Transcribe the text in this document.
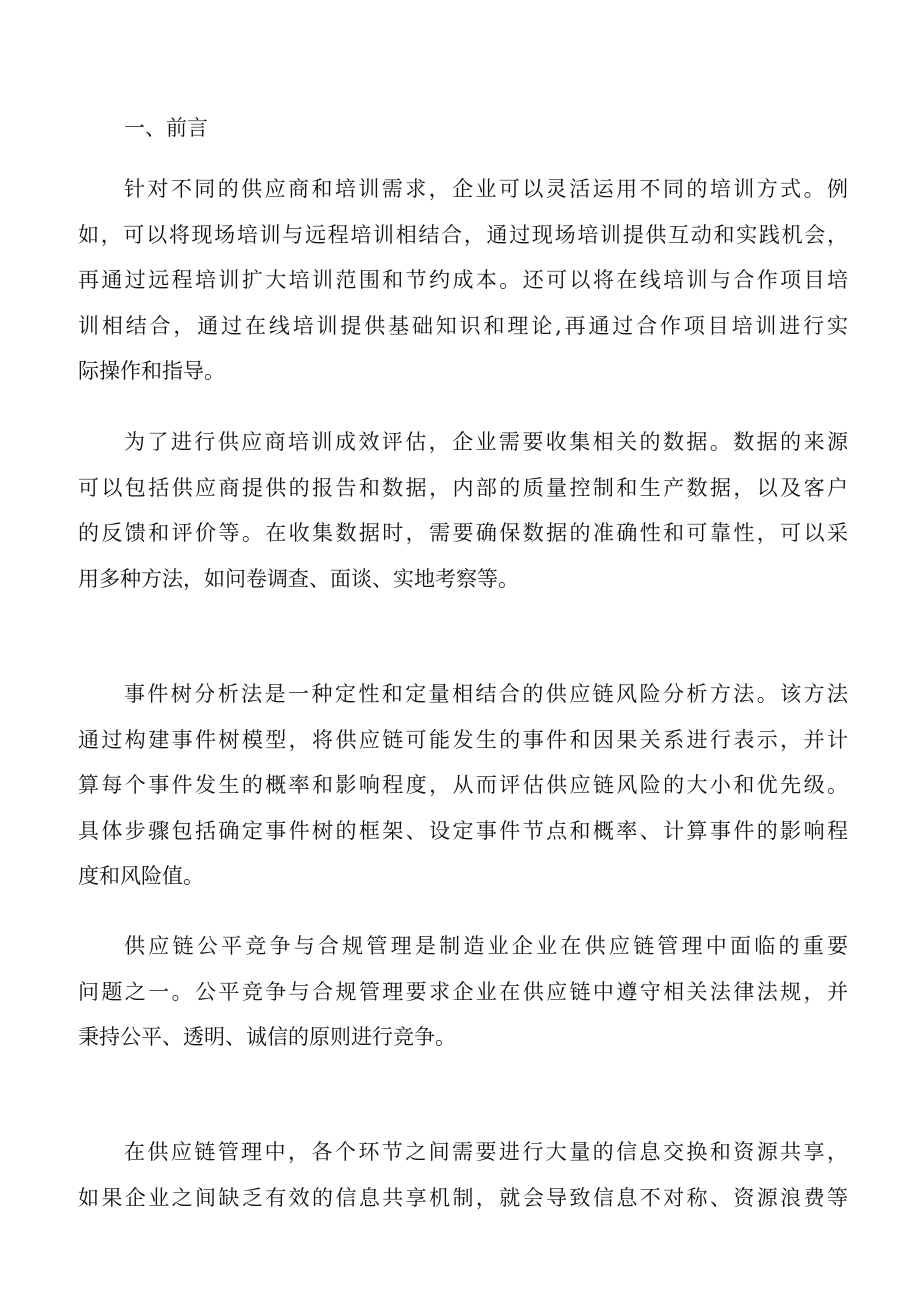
一、前言

针对不同的供应商和培训需求，企业可以灵活运用不同的培训方式。例
如，可以将现场培训与远程培训相结合，通过现场培训提供互动和实践机会，
再通过远程培训扩大培训范围和节约成本。还可以将在线培训与合作项目培
训相结合，通过在线培训提供基础知识和理论,再通过合作项目培训进行实
际操作和指导。

为了进行供应商培训成效评估，企业需要收集相关的数据。数据的来源
可以包括供应商提供的报告和数据，内部的质量控制和生产数据，以及客户
的反馈和评价等。在收集数据时，需要确保数据的准确性和可靠性，可以采
用多种方法，如问卷调查、面谈、实地考察等。

事件树分析法是一种定性和定量相结合的供应链风险分析方法。该方法
通过构建事件树模型，将供应链可能发生的事件和因果关系进行表示，并计
算每个事件发生的概率和影响程度，从而评估供应链风险的大小和优先级。
具体步骤包括确定事件树的框架、设定事件节点和概率、计算事件的影响程
度和风险值。

供应链公平竞争与合规管理是制造业企业在供应链管理中面临的重要
问题之一。公平竞争与合规管理要求企业在供应链中遵守相关法律法规，并
秉持公平、透明、诚信的原则进行竞争。

在供应链管理中，各个环节之间需要进行大量的信息交换和资源共享，
如果企业之间缺乏有效的信息共享机制，就会导致信息不对称、资源浪费等
